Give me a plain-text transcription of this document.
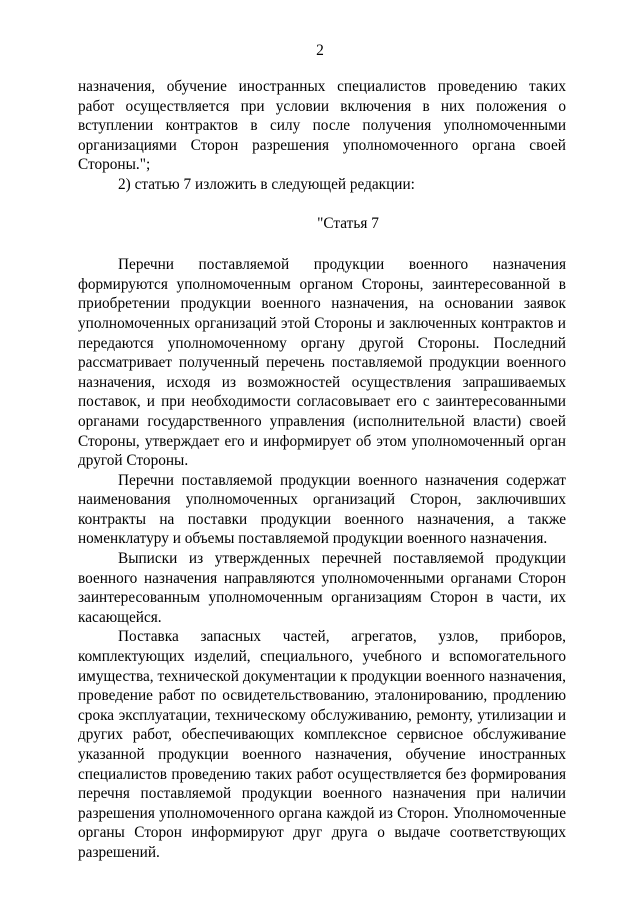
2

назначения, обучение иностранных специалистов проведению таких работ осуществляется при условии включения в них положения о вступлении контрактов в силу после получения уполномоченными организациями Сторон разрешения уполномоченного органа своей Стороны.";

2) статью 7 изложить в следующей редакции:

"Статья 7

Перечни поставляемой продукции военного назначения формируются уполномоченным органом Стороны, заинтересованной в приобретении продукции военного назначения, на основании заявок уполномоченных организаций этой Стороны и заключенных контрактов и передаются уполномоченному органу другой Стороны. Последний рассматривает полученный перечень поставляемой продукции военного назначения, исходя из возможностей осуществления запрашиваемых поставок, и при необходимости согласовывает его с заинтересованными органами государственного управления (исполнительной власти) своей Стороны, утверждает его и информирует об этом уполномоченный орган другой Стороны.

Перечни поставляемой продукции военного назначения содержат наименования уполномоченных организаций Сторон, заключивших контракты на поставки продукции военного назначения, а также номенклатуру и объемы поставляемой продукции военного назначения.

Выписки из утвержденных перечней поставляемой продукции военного назначения направляются уполномоченными органами Сторон заинтересованным уполномоченным организациям Сторон в части, их касающейся.

Поставка запасных частей, агрегатов, узлов, приборов, комплектующих изделий, специального, учебного и вспомогательного имущества, технической документации к продукции военного назначения, проведение работ по освидетельствованию, эталонированию, продлению срока эксплуатации, техническому обслуживанию, ремонту, утилизации и других работ, обеспечивающих комплексное сервисное обслуживание указанной продукции военного назначения, обучение иностранных специалистов проведению таких работ осуществляется без формирования перечня поставляемой продукции военного назначения при наличии разрешения уполномоченного органа каждой из Сторон. Уполномоченные органы Сторон информируют друг друга о выдаче соответствующих разрешений.
